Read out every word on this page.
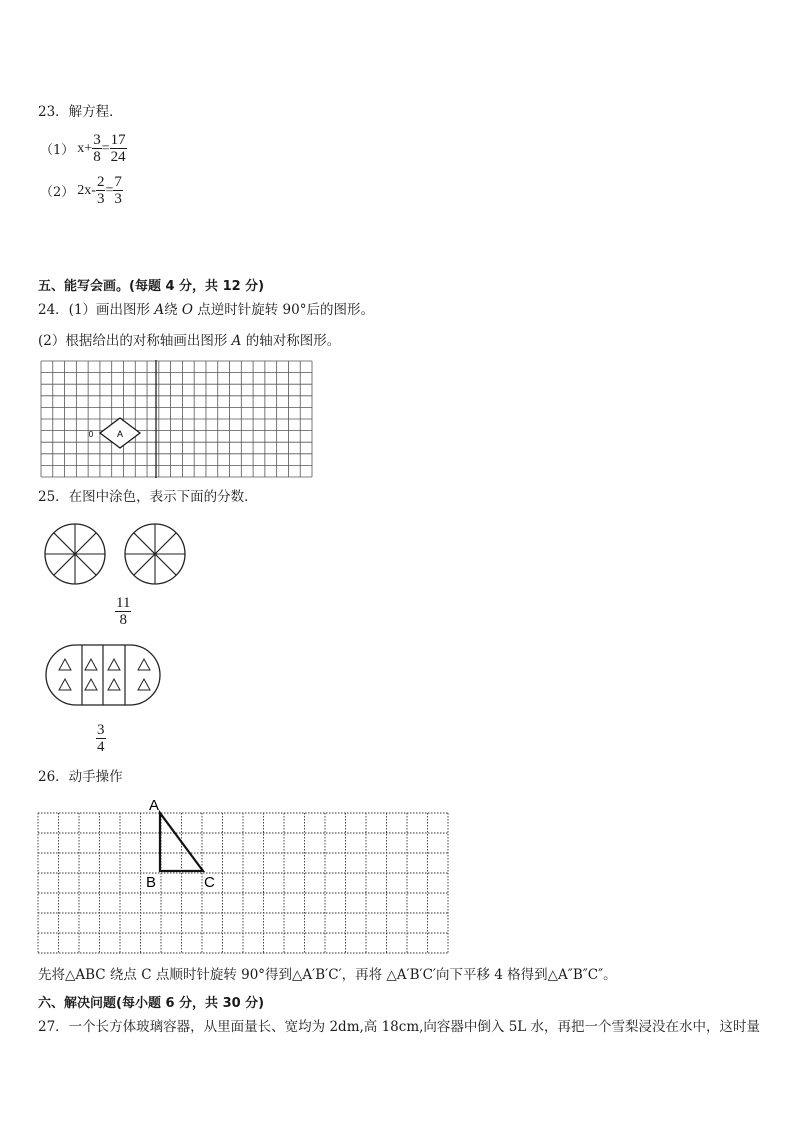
23．解方程．
（1） $x+ \frac{3}{8} = \frac{17}{24}$
（2） $2x- \frac{2}{3} = \frac{7}{3}$
五、能写会画。(每题 4 分，共 12 分)
24．(1）画出图形 A绕 O 点逆时针旋转 90°后的图形。
(2）根据给出的对称轴画出图形 A 的轴对称图形。
A
0
25．在图中涂色，表示下面的分数．
$\frac{11}{8}$
$\frac{3}{4}$
26．动手操作
A
B	C
先将△ABC 绕点 C 点顺时针旋转 90°得到△A′B′C′，再将 △A′B′C′向下平移 4 格得到△A″B″C″。
六、解决问题(每小题 6 分，共 30 分)
27．一个长方体玻璃容器，从里面量长、宽均为 2dm,高 18cm,向容器中倒入 5L 水，再把一个雪梨浸没在水中，这时量
